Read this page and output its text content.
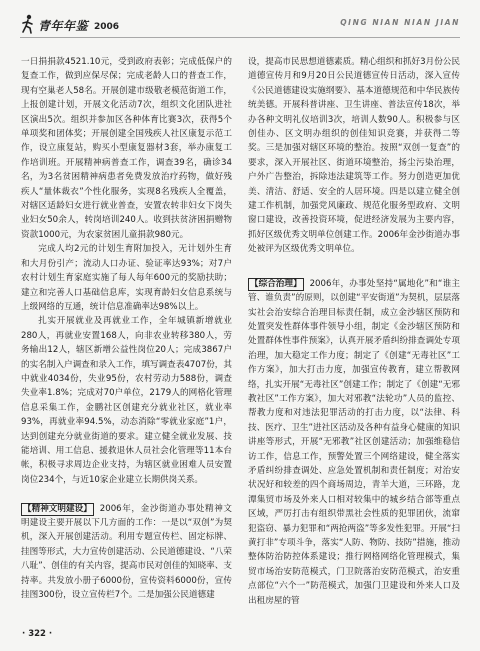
青年年鉴 2006	QING NIAN NIAN JIAN

一日捐捐款4521.10元，受到政府表彰；完成低保户的复查工作，做到应保尽保；完成老龄人口的普查工作，现有空巢老人58名。开展创建市级敬老模范街道工作，上报创建计划，开展文化活动7次，组织文化团队进社区演出5次。组织并参加区各种体育比赛3次，获得5个单项奖和团体奖；开展创建全国残疾人社区康复示范工作，设立康复站，购买小型康复器材3套，举办康复工作培训班。开展精神病普查工作，调查39名，确诊34名，为3名贫困精神病患者免费发放治疗药物，做好残疾人“量体裁衣”个性化服务，实现8名残疾人全覆盖，对辖区适龄妇女进行就业普查，安置农转非妇女下岗失业妇女50余人，转岗培训240人。收到扶贫济困捐赠物资款1000元，为农家贫困儿童捐款980元。

完成人均2元的计划生育附加投入，无计划外生育和大月份引产；流动人口办证、验证率达93%；对7户农村计划生育家庭实施了每人每年600元的奖励扶助；建立和完善人口基础信息库，实现育龄妇女信息系统与上级网络的互通，统计信息准确率达98%以上。

扎实开展就业及再就业工作，全年城镇新增就业280人，再就业安置168人，向非农业转移380人，劳务输出12人，辖区新增公益性岗位20人；完成3867户的实名制入户调查和录入工作，填写调查表4707份，其中就业4034份，失业95份，农村劳动力588份，调查失业率1.8%；完成对70户单位，2179人的网格化管理信息采集工作，金鹏社区创建充分就业社区，就业率93%，再就业率94.5%，动态消除“零就业家庭”1户，达到创建充分就业街道的要求。建立健全就业发展、技能培训、用工信息、援救退休人员社会化管理等11本台帐，积极寻求周边企业支持，为辖区就业困难人员安置岗位234个，与近10家企业建立长期供岗关系。

【精神文明建设】 2006年，金沙街道办事处精神文明建设主要开展以下几方面的工作：一是以“双创”为契机，深入开展创建活动。利用专题宣传栏、固定标牌、挂图等形式，大力宣传创建活动、公民道德建设、“八荣八耻”、创佳的有关内容，提高市民对创佳的知晓率、支持率。共发放小册子6000份，宣传资料6000份，宣传挂图300份，设立宣传栏7个。二是加强公民道德建

设，提高市民思想道德素质。精心组织和抓好3月份公民道德宣传月和9月20日公民道德宣传日活动，深入宣传《公民道德建设实施纲要》、基本道德规范和中华民族传统美德。开展科普讲座、卫生讲座、普法宣传18次，举办各种文明礼仪培训3次，培训人数90人。积极参与区创佳办、区文明办组织的创佳知识竞赛，并获得二等奖。三是加强对辖区环境的整治。按照“双创一复查”的要求，深入开展社区、街道环境整治，扬尘污染治理，户外广告整治，拆除违法建筑等工作。努力创造更加优美、清洁、舒适、安全的人居环境。四是以建立健全创建工作机制，加强党风廉政、规范化服务型政府、文明窗口建设，改善投资环境，促进经济发展为主要内容，抓好区级优秀文明单位创建工作。2006年金沙街道办事处被评为区级优秀文明单位。

【综合治理】 2006年，办事处坚持“属地化”和“谁主管、谁负责”的原则，以创建“平安街道”为契机，层层落实社会治安综合治理目标责任制，成立金沙辖区预防和处置突发性群体事件领导小组，制定《金沙辖区预防和处置群体性事件预案》，认真开展矛盾纠纷排查调处专项治理，加大稳定工作力度；制定了《创建“无毒社区”工作方案》，加大打击力度，加强宣传教育，建立帮教网络，扎实开展“无毒社区”创建工作；制定了《创建“无邪教社区”工作方案》，加大对邪教“法轮功”人员的监控、帮教力度和对违法犯罪活动的打击力度，以“法律、科技、医疗、卫生”进社区活动及各种有益身心健康的知识讲座等形式，开展“无邪教”社区创建活动；加强维稳信访工作，信息工作，预警处置三个网络建设，健全落实矛盾纠纷排查调处、应急处置机制和责任制度；对治安状况好和较差的四个商场周边，青羊大道，三环路，龙潭集贸市场及外来人口相对较集中的城乡结合部等重点区域，严厉打击有组织带黑社会性质的犯罪团伙，流窜犯盗窃、暴力犯罪和“两抢两盗”等多发性犯罪。开展“扫黄打非”专项斗争，落实“人防、物防、技防”措施，推动整体防治防控体系建设；推行网格网络化管理模式，集贸市场治安防范模式，门卫院落治安防范模式，治安重点部位“六个一”防范模式，加强门卫建设和外来人口及出租房屋的管

· 322 ·
